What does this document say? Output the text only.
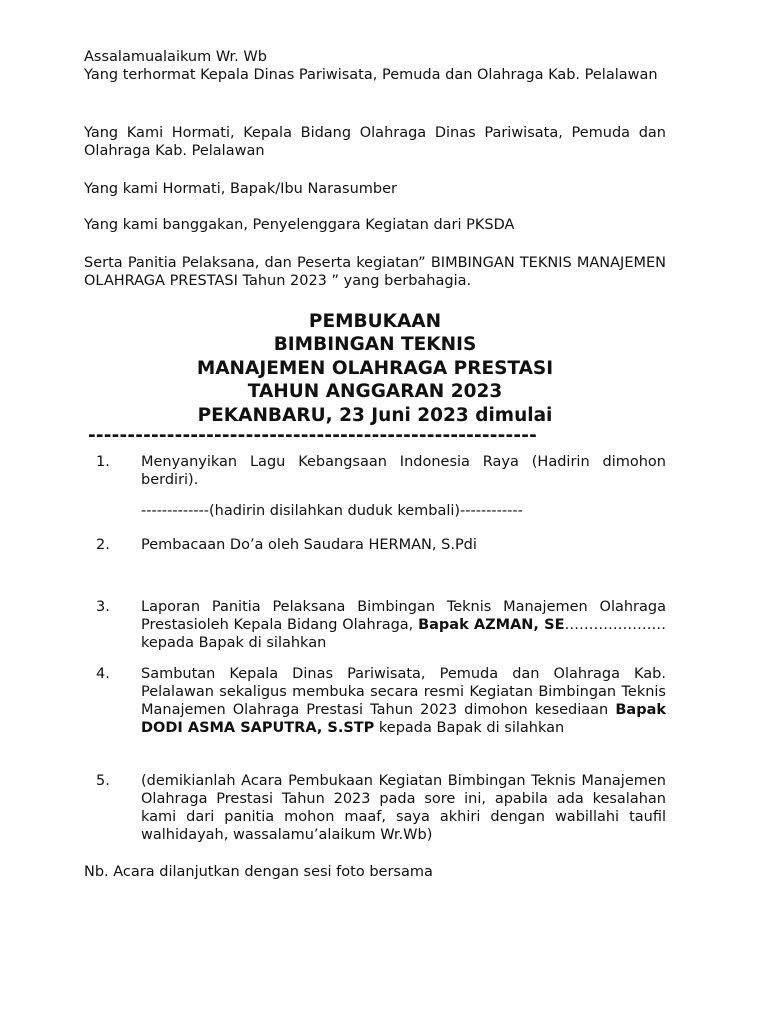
Assalamualaikum Wr. Wb

Yang terhormat Kepala Dinas Pariwisata, Pemuda dan Olahraga Kab. Pelalawan

Yang Kami Hormati, Kepala Bidang Olahraga Dinas Pariwisata, Pemuda dan Olahraga Kab. Pelalawan

Yang kami Hormati, Bapak/Ibu Narasumber

Yang kami banggakan, Penyelenggara Kegiatan dari PKSDA

Serta Panitia Pelaksana, dan Peserta kegiatan” BIMBINGAN TEKNIS MANAJEMEN OLAHRAGA PRESTASI Tahun 2023 ” yang berbahagia.

PEMBUKAAN

BIMBINGAN TEKNIS

MANAJEMEN OLAHRAGA PRESTASI

TAHUN ANGGARAN 2023

PEKANBARU, 23 Juni 2023 dimulai

---------------------------------------------------------

1. Menyanyikan Lagu Kebangsaan Indonesia Raya (Hadirin dimohon berdiri).

-------------(hadirin disilahkan duduk kembali)------------

2. Pembacaan Do’a oleh Saudara HERMAN, S.Pdi
3. Laporan Panitia Pelaksana Bimbingan Teknis Manajemen Olahraga Prestasioleh Kepala Bidang Olahraga, Bapak AZMAN, SE…………………kepada Bapak di silahkan
4. Sambutan Kepala Dinas Pariwisata, Pemuda dan Olahraga Kab. Pelalawan sekaligus membuka secara resmi Kegiatan Bimbingan Teknis Manajemen Olahraga Prestasi Tahun 2023 dimohon kesediaan Bapak DODI ASMA SAPUTRA, S.STP kepada Bapak di silahkan
5. (demikianlah Acara Pembukaan Kegiatan Bimbingan Teknis Manajemen Olahraga Prestasi Tahun 2023 pada sore ini, apabila ada kesalahan kami dari panitia mohon maaf, saya akhiri dengan wabillahi taufil walhidayah, wassalamu’alaikum Wr.Wb)

Nb. Acara dilanjutkan dengan sesi foto bersama
